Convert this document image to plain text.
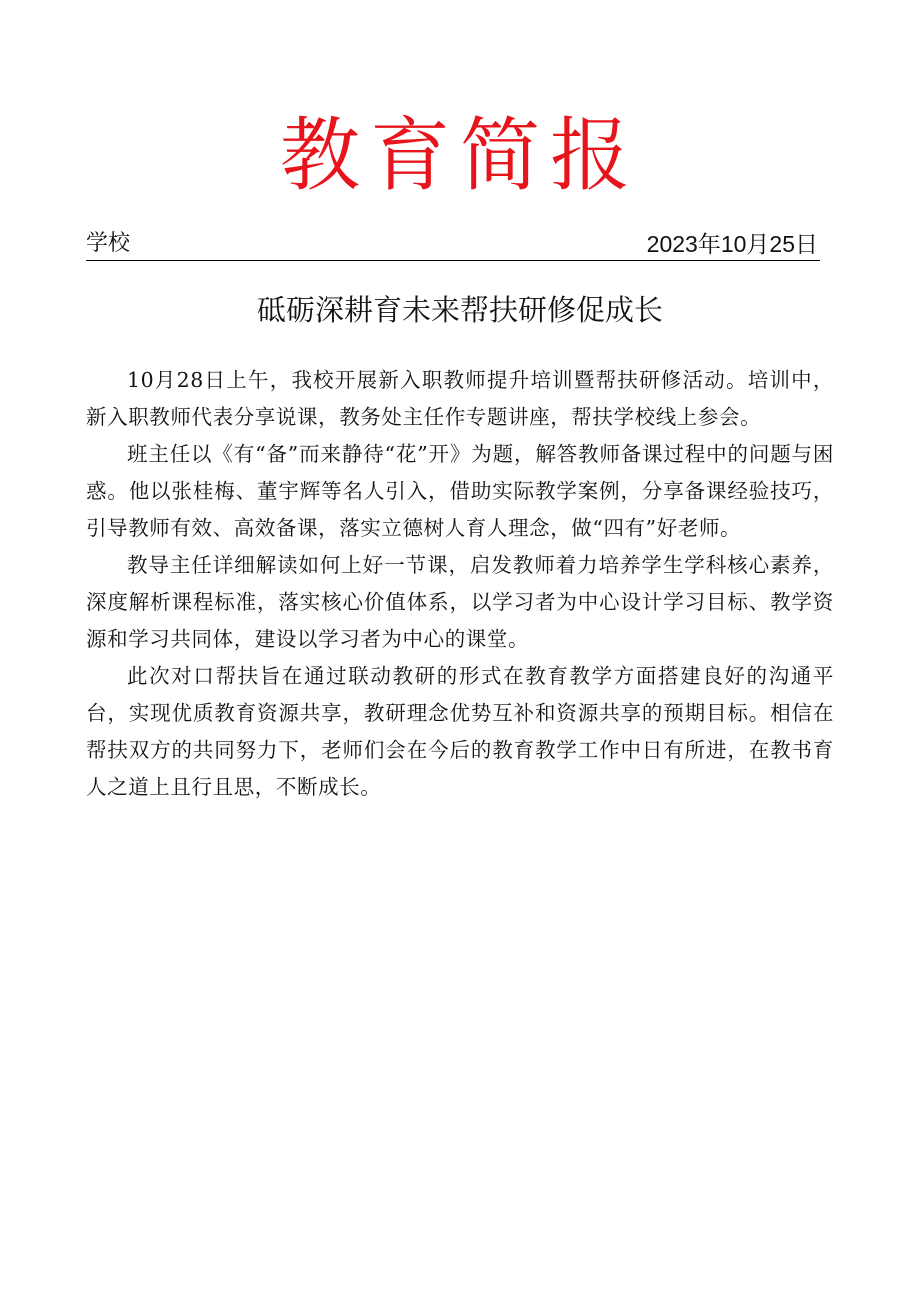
教育简报
学校	2023年10月25日
砥砺深耕育未来帮扶研修促成长

10月28日上午，我校开展新入职教师提升培训暨帮扶研修活动。培训中，新入职教师代表分享说课，教务处主任作专题讲座，帮扶学校线上参会。

班主任以《有“备”而来静待“花”开》为题，解答教师备课过程中的问题与困惑。他以张桂梅、董宇辉等名人引入，借助实际教学案例，分享备课经验技巧，引导教师有效、高效备课，落实立德树人育人理念，做“四有”好老师。

教导主任详细解读如何上好一节课，启发教师着力培养学生学科核心素养，深度解析课程标准，落实核心价值体系，以学习者为中心设计学习目标、教学资源和学习共同体，建设以学习者为中心的课堂。

此次对口帮扶旨在通过联动教研的形式在教育教学方面搭建良好的沟通平台，实现优质教育资源共享，教研理念优势互补和资源共享的预期目标。相信在帮扶双方的共同努力下，老师们会在今后的教育教学工作中日有所进，在教书育人之道上且行且思，不断成长。
